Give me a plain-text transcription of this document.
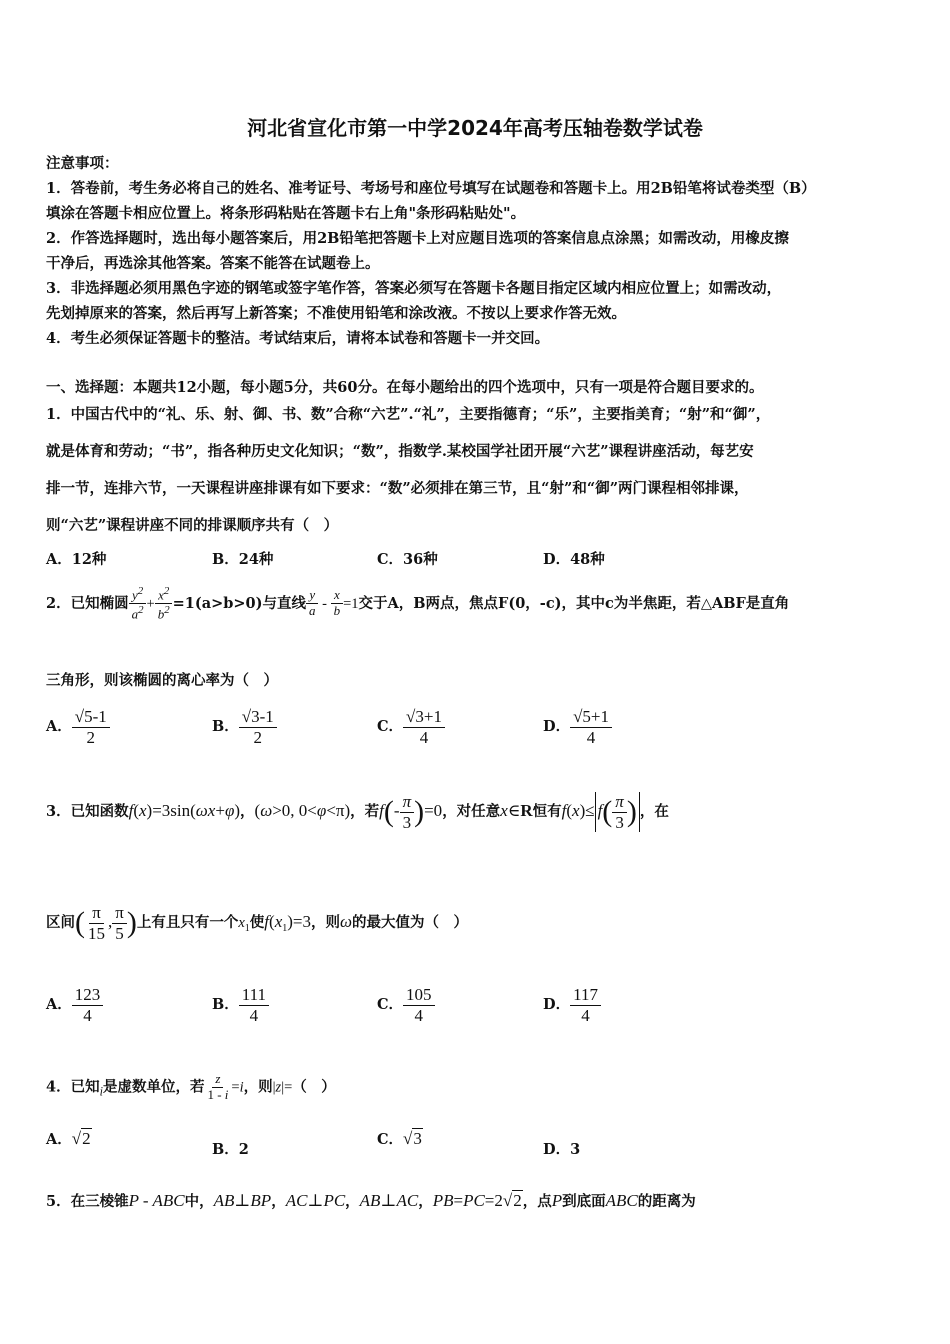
河北省宣化市第一中学2024年高考压轴卷数学试卷
注意事项：
1．答卷前，考生务必将自己的姓名、准考证号、考场号和座位号填写在试题卷和答题卡上。用2B铅笔将试卷类型（B）
填涂在答题卡相应位置上。将条形码粘贴在答题卡右上角"条形码粘贴处"。
2．作答选择题时，选出每小题答案后，用2B铅笔把答题卡上对应题目选项的答案信息点涂黑；如需改动，用橡皮擦
干净后，再选涂其他答案。答案不能答在试题卷上。
3．非选择题必须用黑色字迹的钢笔或签字笔作答，答案必须写在答题卡各题目指定区域内相应位置上；如需改动，
先划掉原来的答案，然后再写上新答案；不准使用铅笔和涂改液。不按以上要求作答无效。
4．考生必须保证答题卡的整洁。考试结束后，请将本试卷和答题卡一并交回。
一、选择题：本题共12小题，每小题5分，共60分。在每小题给出的四个选项中，只有一项是符合题目要求的。
1．中国古代中的“礼、乐、射、御、书、数”合称“六艺”.“礼”，主要指德育；“乐”，主要指美育；“射”和“御”，
就是体育和劳动；“书”，指各种历史文化知识；“数”，指数学.某校国学社团开展“六艺”课程讲座活动，每艺安
排一节，连排六节，一天课程讲座排课有如下要求：“数”必须排在第三节，且“射”和“御”两门课程相邻排课，
则“六艺”课程讲座不同的排课顺序共有（　）
A．12种	B．24种	C．36种	D．48种
2．已知椭圆 $\frac{y^2}{a^2} + \frac{x^2}{b^2} =1(a>b>0)$与直线 $\frac{y}{a} - \frac{x}{b} =1$交于A，B两点，焦点F(0，-c)，其中c为半焦距，若△ABF是直角
三角形，则该椭圆的离心率为（　）
A． $\frac{√5-1}{2}$	B． $\frac{√3-1}{2}$	C． $\frac{√3+1}{4}$	D． $\frac{√5+1}{4}$
3．已知函数f(x)=3sin(ωx+φ)，(ω>0, 0<φ<π)，若$f(- \frac{\pi}{3} )=0$，对任意x∈R恒有$f(x)\le f( \frac{\pi}{3}$ ) ，在
区间( $\frac{\pi}{15}$ , $\frac{\pi}{5}$ )上有且只有一个$x_1$使$f(x_1)=3$，则ω的最大值为（　）
A． $\frac{123}{4}$	B． $\frac{111}{4}$	C． $\frac{105}{4}$	D． $\frac{117}{4}$
4．已知$_i$是虚数单位，若 $\frac{z}{1 - i} =i$，则|z|=（　）
A．√2
B．2
C．√3
D．3
5．在三棱锥P - ABC中，AB⊥BP，AC⊥PC，AB⊥AC，PB=PC=2√2，点P到底面ABC的距离为
